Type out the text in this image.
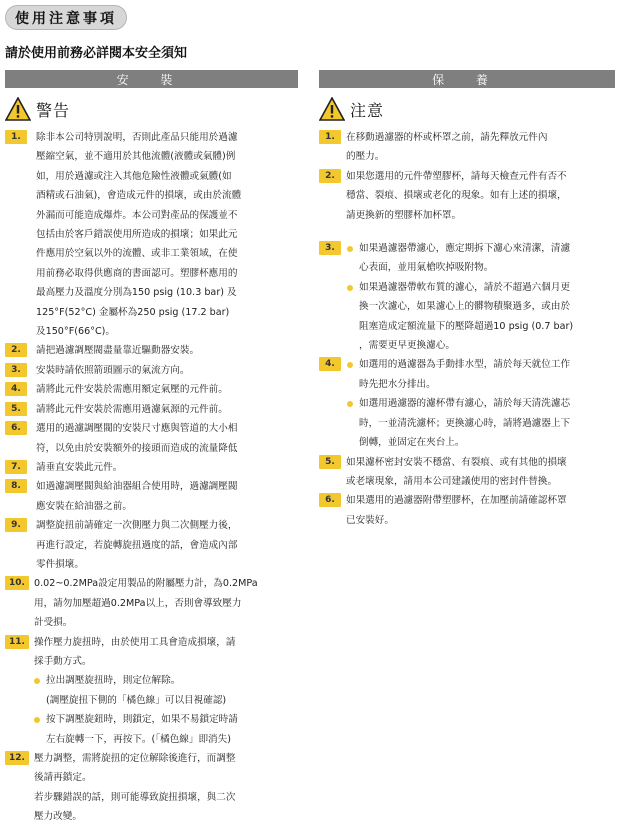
使用注意事項
請於使用前務必詳閱本安全須知
安 裝	保 養
警告
1.	除非本公司特別說明，否則此產品只能用於過濾
壓縮空氣，並不適用於其他流體(液體或氣體)例
如，用於過濾或注入其他危險性液體或氣體(如
酒精或石油氣)，會造成元件的損壞，或由於流體
外漏而可能造成爆炸。本公司對產品的保護並不
包括由於客戶錯誤使用所造成的損壞；如果此元
件應用於空氣以外的流體、或非工業領域，在使
用前務必取得供應商的書面認可。塑膠杯應用的
最高壓力及溫度分別為150 psig (10.3 bar) 及
125°F(52°C) 金屬杯為250 psig (17.2 bar)
及150°F(66°C)。
2.	請把過濾調壓閥盡量靠近驅動器安裝。
3.	安裝時請依照箭頭圖示的氣流方向。
4.	請將此元件安裝於需應用額定氣壓的元件前。
5.	請將此元件安裝於需應用過濾氣源的元件前。
6.	選用的過濾調壓閥的安裝尺寸應與管道的大小相
符，以免由於安裝額外的接頭而造成的流量降低
7.	請垂直安裝此元件。
8.	如過濾調壓閥與給油器組合使用時，過濾調壓閥
應安裝在給油器之前。
9.	調整旋扭前請確定一次側壓力與二次側壓力後，
再進行設定，若旋轉旋扭過度的話，會造成內部
零件損壞。
10. 0.02~0.2MPa設定用製品的附屬壓力計，為0.2MPa
用，請勿加壓超過0.2MPa以上，否則會導致壓力
計受損。
11. 操作壓力旋扭時，由於使用工具會造成損壞，請
採手動方式。
拉出調壓旋扭時，則定位解除。
(調壓旋扭下側的「橘色線」可以目視確認)
按下調壓旋鈕時，則鎖定，如果不易鎖定時請
左右旋轉一下，再按下。(「橘色線」即消失)
12. 壓力調整，需將旋扭的定位解除後進行，而調整
後請再鎖定。
若步驟錯誤的話，則可能導致旋扭損壞，與二次
壓力改變。
注意
1.	在移動過濾器的杯或杯罩之前，請先釋放元件內
的壓力。
2.	如果您選用的元件帶塑膠杯，請每天檢查元件有否不
穩當、裂痕、損壞或老化的現象。如有上述的損壞，
請更換新的塑膠杯加杯罩。
3.	如果過濾器帶濾心，應定期拆下濾心來清潔，清濾
心表面，並用氣槍吹掉吸附物。
如果過濾器帶軟布質的濾心，請於不超過六個月更
換一次濾心，如果濾心上的髒物積聚過多，或由於
阻塞造成定額流量下的壓降超過10 psig (0.7 bar)
，需要更早更換濾心。
4.	如選用的過濾器為手動排水型，請於每天就位工作
時先把水分排出。
如選用過濾器的濾杯帶有濾心，請於每天清洗濾芯
時，一並清洗濾杯；更換濾心時，請將過濾器上下
倒轉，並固定在夾台上。
5.	如果濾杯密封安裝不穩當、有裂痕、或有其他的損壞
或老壞現象，請用本公司建議使用的密封件替換。
6.	如果選用的過濾器附帶塑膠杯，在加壓前請確認杯罩
已安裝好。
